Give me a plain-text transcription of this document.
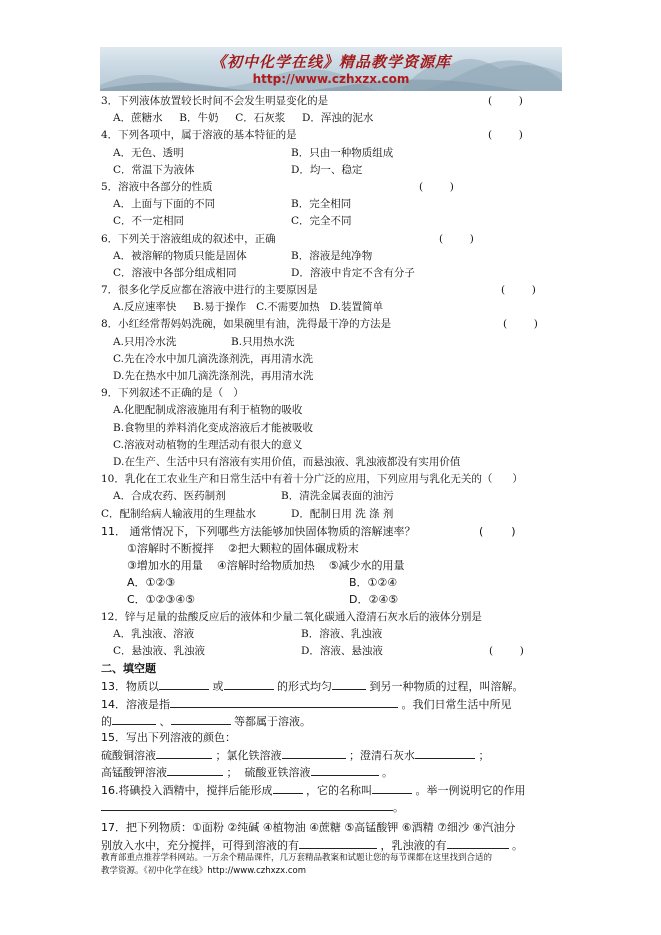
《初中化学在线》精品教学资源库
http://www.czhxzx.com
3．下列液体放置较长时间不会发生明显变化的是	(        )
A．蔗糖水 B．牛奶 C．石灰浆 D．浑浊的泥水
4．下列各项中，属于溶液的基本特征的是	(        )
A．无色、透明	B．只由一种物质组成
C．常温下为液体	D．均一、稳定
5．溶液中各部分的性质	(        )
A．上面与下面的不同	B．完全相同
C．不一定相同	C．完全不同
6．下列关于溶液组成的叙述中，正确	(        )
A．被溶解的物质只能是固体	B．溶液是纯净物
C．溶液中各部分组成相同	D．溶液中肯定不含有分子
7．很多化学反应都在溶液中进行的主要原因是	(        )
A.反应速率快     B.易于操作   C.不需要加热   D.装置简单
8．小红经常帮妈妈洗碗，如果碗里有油，洗得最干净的方法是	(        )
A.只用冷水洗	B.只用热水洗
C.先在冷水中加几滴洗涤剂洗，再用清水洗
D.先在热水中加几滴洗涤剂洗，再用清水洗
9．下列叙述不正确的是（   ）
A.化肥配制成溶液施用有利于植物的吸收
B.食物里的养料消化变成溶液后才能被吸收
C.溶液对动植物的生理活动有很大的意义
D.在生产、生活中只有溶液有实用价值，而悬浊液、乳浊液都没有实用价值
10．乳化在工农业生产和日常生活中有着十分广泛的应用，下列应用与乳化无关的（      ）
A．合成农药、医药制剂	B．清洗金属表面的油污
C．配制给病人输液用的生理盐水	D．配制日用 洗 涤 剂
11． 通常情况下，下列哪些方法能够加快固体物质的溶解速率？	(        )
①溶解时不断搅拌    ②把大颗粒的固体碾成粉末
③增加水的用量    ④溶解时给物质加热    ⑤减少水的用量
A．①②③	B．①②④
C．①②③④⑤	D．②④⑤
12．锌与足量的盐酸反应后的液体和少量二氧化碳通入澄清石灰水后的液体分别是
A．乳浊液、溶液	B．溶液、乳浊液
C．悬浊液、乳浊液	D．溶液、悬浊液	(        )
二、填空题
13．物质以	或	的形式均匀	到另一种物质的过程，叫溶解。
14．溶液是指	。我们日常生活中所见
的	、	等都属于溶液。
15．写出下列溶液的颜色：
硫酸铜溶液	；氯化铁溶液	；澄清石灰水	；
高锰酸钾溶液	；  硫酸亚铁溶液	。
16.将碘投入酒精中，搅拌后能形成	，它的名称叫	。举一例说明它的作用
。
17．把下列物质：①面粉 ②纯碱 ④植物油 ④蔗糖 ⑤高锰酸钾 ⑥酒精 ⑦细沙 ⑧汽油分
别放入水中，充分搅拌，可得到溶液的有	，乳浊液的有	。
教育部重点推荐学科网站。一万余个精品课件，几万套精品教案和试题让您的每节课都在这里找到合适的
教学资源。《初中化学在线》http://www.czhxzx.com
